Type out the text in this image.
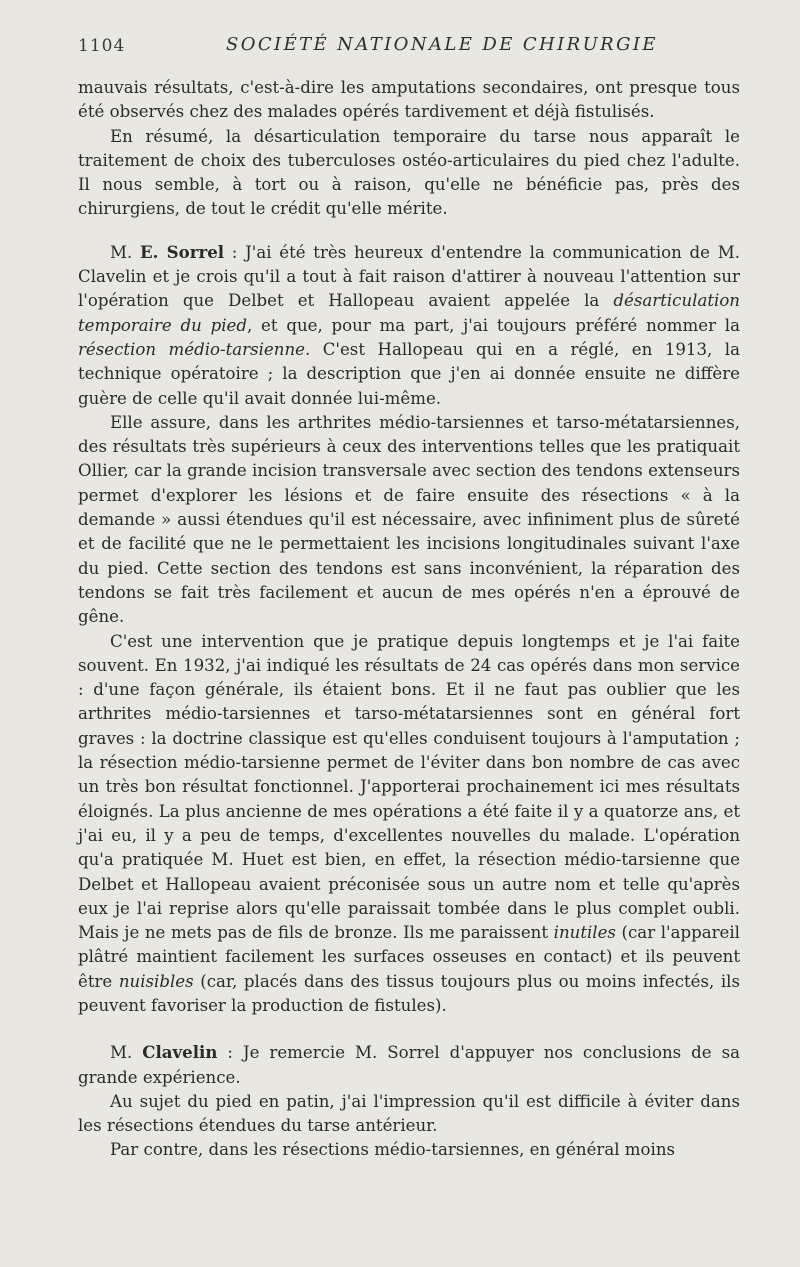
1104	SOCIÉTÉ NATIONALE DE CHIRURGIE

mauvais résultats, c'est-à-dire les amputations secondaires, ont presque tous été observés chez des malades opérés tardivement et déjà fistulisés.

En résumé, la désarticulation temporaire du tarse nous apparaît le traitement de choix des tuberculoses ostéo-articulaires du pied chez l'adulte. Il nous semble, à tort ou à raison, qu'elle ne bénéficie pas, près des chirurgiens, de tout le crédit qu'elle mérite.

M. E. Sorrel : J'ai été très heureux d'entendre la communication de M. Clavelin et je crois qu'il a tout à fait raison d'attirer à nouveau l'attention sur l'opération que Delbet et Hallopeau avaient appelée la désarticulation temporaire du pied, et que, pour ma part, j'ai toujours préféré nommer la résection médio-tarsienne. C'est Hallopeau qui en a réglé, en 1913, la technique opératoire ; la description que j'en ai donnée ensuite ne diffère guère de celle qu'il avait donnée lui-même.

Elle assure, dans les arthrites médio-tarsiennes et tarso-métatarsiennes, des résultats très supérieurs à ceux des interventions telles que les pratiquait Ollier, car la grande incision transversale avec section des tendons extenseurs permet d'explorer les lésions et de faire ensuite des résections « à la demande » aussi étendues qu'il est nécessaire, avec infiniment plus de sûreté et de facilité que ne le permettaient les incisions longitudinales suivant l'axe du pied. Cette section des tendons est sans inconvénient, la réparation des tendons se fait très facilement et aucun de mes opérés n'en a éprouvé de gêne.

C'est une intervention que je pratique depuis longtemps et je l'ai faite souvent. En 1932, j'ai indiqué les résultats de 24 cas opérés dans mon service : d'une façon générale, ils étaient bons. Et il ne faut pas oublier que les arthrites médio-tarsiennes et tarso-métatarsiennes sont en général fort graves : la doctrine classique est qu'elles conduisent toujours à l'amputation ; la résection médio-tarsienne permet de l'éviter dans bon nombre de cas avec un très bon résultat fonctionnel. J'apporterai prochainement ici mes résultats éloignés. La plus ancienne de mes opérations a été faite il y a quatorze ans, et j'ai eu, il y a peu de temps, d'excellentes nouvelles du malade. L'opération qu'a pratiquée M. Huet est bien, en effet, la résection médio-tarsienne que Delbet et Hallopeau avaient préconisée sous un autre nom et telle qu'après eux je l'ai reprise alors qu'elle paraissait tombée dans le plus complet oubli. Mais je ne mets pas de fils de bronze. Ils me paraissent inutiles (car l'appareil plâtré maintient facilement les surfaces osseuses en contact) et ils peuvent être nuisibles (car, placés dans des tissus toujours plus ou moins infectés, ils peuvent favoriser la production de fistules).

M. Clavelin : Je remercie M. Sorrel d'appuyer nos conclusions de sa grande expérience.

Au sujet du pied en patin, j'ai l'impression qu'il est difficile à éviter dans les résections étendues du tarse antérieur.

Par contre, dans les résections médio-tarsiennes, en général moins
